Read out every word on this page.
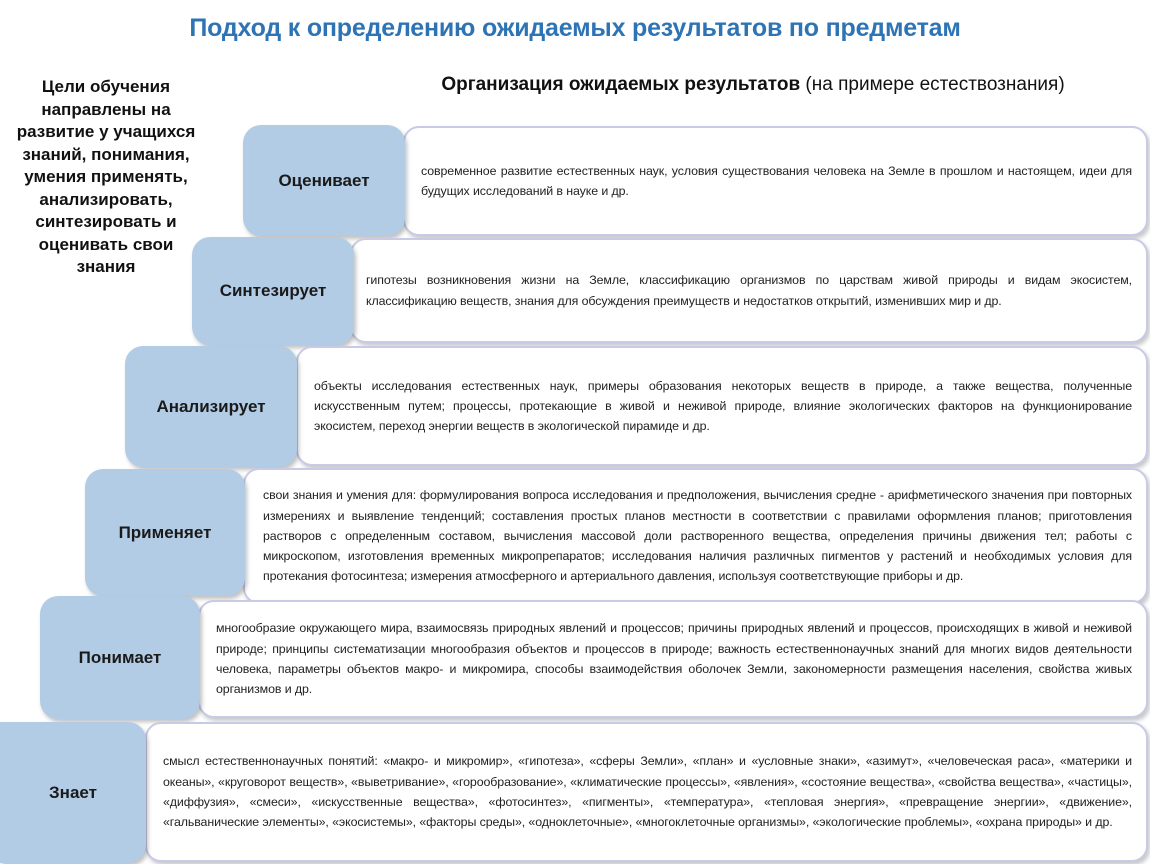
Подход к определению ожидаемых результатов по предметам
Цели обучения направлены на развитие у учащихся знаний, понимания, умения применять, анализировать, синтезировать и оценивать свои знания
Организация ожидаемых результатов (на примере естествознания)

современное развитие естественных наук, условия существования человека на Земле в прошлом и настоящем, идеи для будущих исследований в науке и др.

Оценивает

гипотезы возникновения жизни на Земле, классификацию организмов по царствам живой природы и видам экосистем, классификацию веществ, знания для обсуждения преимуществ и недостатков открытий, изменивших мир и др.

Синтезирует

объекты исследования естественных наук, примеры образования некоторых веществ в природе, а также вещества, полученные искусственным путем; процессы, протекающие в живой и неживой природе, влияние экологических факторов на функционирование экосистем, переход энергии веществ в экологической пирамиде и др.

Анализирует

свои знания и умения для: формулирования вопроса исследования и предположения, вычисления средне - арифметического значения при повторных измерениях и выявление тенденций; составления простых планов местности в соответствии с правилами оформления планов; приготовления растворов с определенным составом, вычисления массовой доли растворенного вещества, определения причины движения тел; работы с микроскопом, изготовления временных микропрепаратов; исследования наличия различных пигментов у растений и необходимых условия для протекания фотосинтеза; измерения атмосферного и артериального давления, используя соответствующие приборы и др.

Применяет

многообразие окружающего мира, взаимосвязь природных явлений и процессов; причины природных явлений и процессов, происходящих в живой и неживой природе; принципы систематизации многообразия объектов и процессов в природе; важность естественнонаучных знаний для многих видов деятельности человека, параметры объектов макро- и микромира, способы взаимодействия оболочек Земли, закономерности размещения населения, свойства живых организмов и др.

Понимает

смысл естественнонаучных понятий: «макро- и микромир», «гипотеза», «сферы Земли», «план» и «условные знаки», «азимут», «человеческая раса», «материки и океаны», «круговорот веществ», «выветривание», «горообразование», «климатические процессы», «явления», «состояние вещества», «свойства вещества», «частицы», «диффузия», «смеси», «искусственные вещества», «фотосинтез», «пигменты», «температура», «тепловая энергия», «превращение энергии», «движение», «гальванические элементы», «экосистемы», «факторы среды», «одноклеточные», «многоклеточные организмы», «экологические проблемы», «охрана природы» и др.

Знает
